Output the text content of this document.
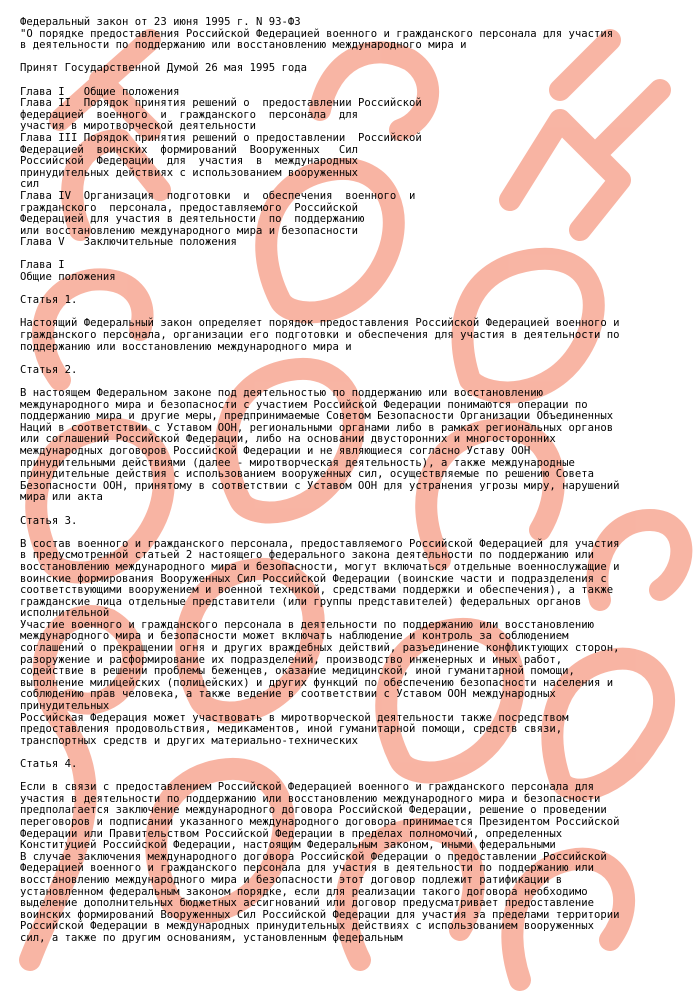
Федеральный закон от 23 июня 1995 г. N 93-ФЗ
"О порядке предоставления Российской Федерацией военного и гражданского персонала для участия
в деятельности по поддержанию или восстановлению международного мира и
Принят Государственной Думой 26 мая 1995 года
Глава I   Общие положения
Глава II  Порядок принятия решений о  предоставлении Российской
федерацией  военного  и  гражданского  персонала  для
участия в миротворческой деятельности
Глава III Порядок принятия решений о предоставлении  Российской
Федерацией  воинских  формирований  Вооруженных   Сил
Российской  Федерации  для  участия  в  международных
принудительных действиях с использованием вооруженных
сил
Глава IV  Организация  подготовки  и  обеспечения  военного  и
гражданского  персонала, предоставляемого  Российской
Федерацией для участия в деятельности  по  поддержанию
или восстановлению международного мира и безопасности
Глава V   Заключительные положения
Глава I
Общие положения
Статья 1.
Настоящий Федеральный закон определяет порядок предоставления Российской Федерацией военного и
гражданского персонала, организации его подготовки и обеспечения для участия в деятельности по
поддержанию или восстановлению международного мира и
Статья 2.
В настоящем Федеральном законе под деятельностью по поддержанию или восстановлению
международного мира и безопасности с участием Российской Федерации понимаются операции по
поддержанию мира и другие меры, предпринимаемые Советом Безопасности Организации Объединенных
Наций в соответствии с Уставом ООН, региональными органами либо в рамках региональных органов
или соглашений Российской Федерации, либо на основании двусторонних и многосторонних
международных договоров Российской Федерации и не являющиеся согласно Уставу ООН
принудительными действиями (далее - миротворческая деятельность), а также международные
принудительные действия с использованием вооруженных сил, осуществляемые по решению Совета
Безопасности ООН, принятому в соответствии с Уставом ООН для устранения угрозы миру, нарушений
мира или акта
Статья 3.
В состав военного и гражданского персонала, предоставляемого Российской Федерацией для участия
в предусмотренной статьей 2 настоящего федерального закона деятельности по поддержанию или
восстановлению международного мира и безопасности, могут включаться отдельные военнослужащие и
воинские формирования Вооруженных Сил Российской Федерации (воинские части и подразделения с
соответствующими вооружением и военной техникой, средствами поддержки и обеспечения), а также
гражданские лица отдельные представители (или группы представителей) федеральных органов
исполнительной
Участие военного и гражданского персонала в деятельности по поддержанию или восстановлению
международного мира и безопасности может включать наблюдение и контроль за соблюдением
соглашений о прекращении огня и других враждебных действий, разъединение конфликтующих сторон,
разоружение и расформирование их подразделений, производство инженерных и иных работ,
содействие в решении проблемы беженцев, оказание медицинской, иной гуманитарной помощи,
выполнение милицейских (полицейских) и других функций по обеспечению безопасности населения и
соблюдению прав человека, а также ведение в соответствии с Уставом ООН международных
принудительных
Российская Федерация может участвовать в миротворческой деятельности также посредством
предоставления продовольствия, медикаментов, иной гуманитарной помощи, средств связи,
транспортных средств и других материально-технических
Статья 4.
Если в связи с предоставлением Российской Федерацией военного и гражданского персонала для
участия в деятельности по поддержанию или восстановлению международного мира и безопасности
предполагается заключение международного договора Российской Федерации, решение о проведении
переговоров и подписании указанного международного договора принимается Президентом Российской
Федерации или Правительством Российской Федерации в пределах полномочий, определенных
Конституцией Российской Федерации, настоящим Федеральным законом, иными федеральными
В случае заключения международного договора Российской Федерации о предоставлении Российской
Федерацией военного и гражданского персонала для участия в деятельности по поддержанию или
восстановлению международного мира и безопасности этот договор подлежит ратификации в
установленном федеральным законом порядке, если для реализации такого договора необходимо
выделение дополнительных бюджетных ассигнований или договор предусматривает предоставление
воинских формирований Вооруженных Сил Российской Федерации для участия за пределами территории
Российской Федерации в международных принудительных действиях с использованием вооруженных
сил, а также по другим основаниям, установленным федеральным
